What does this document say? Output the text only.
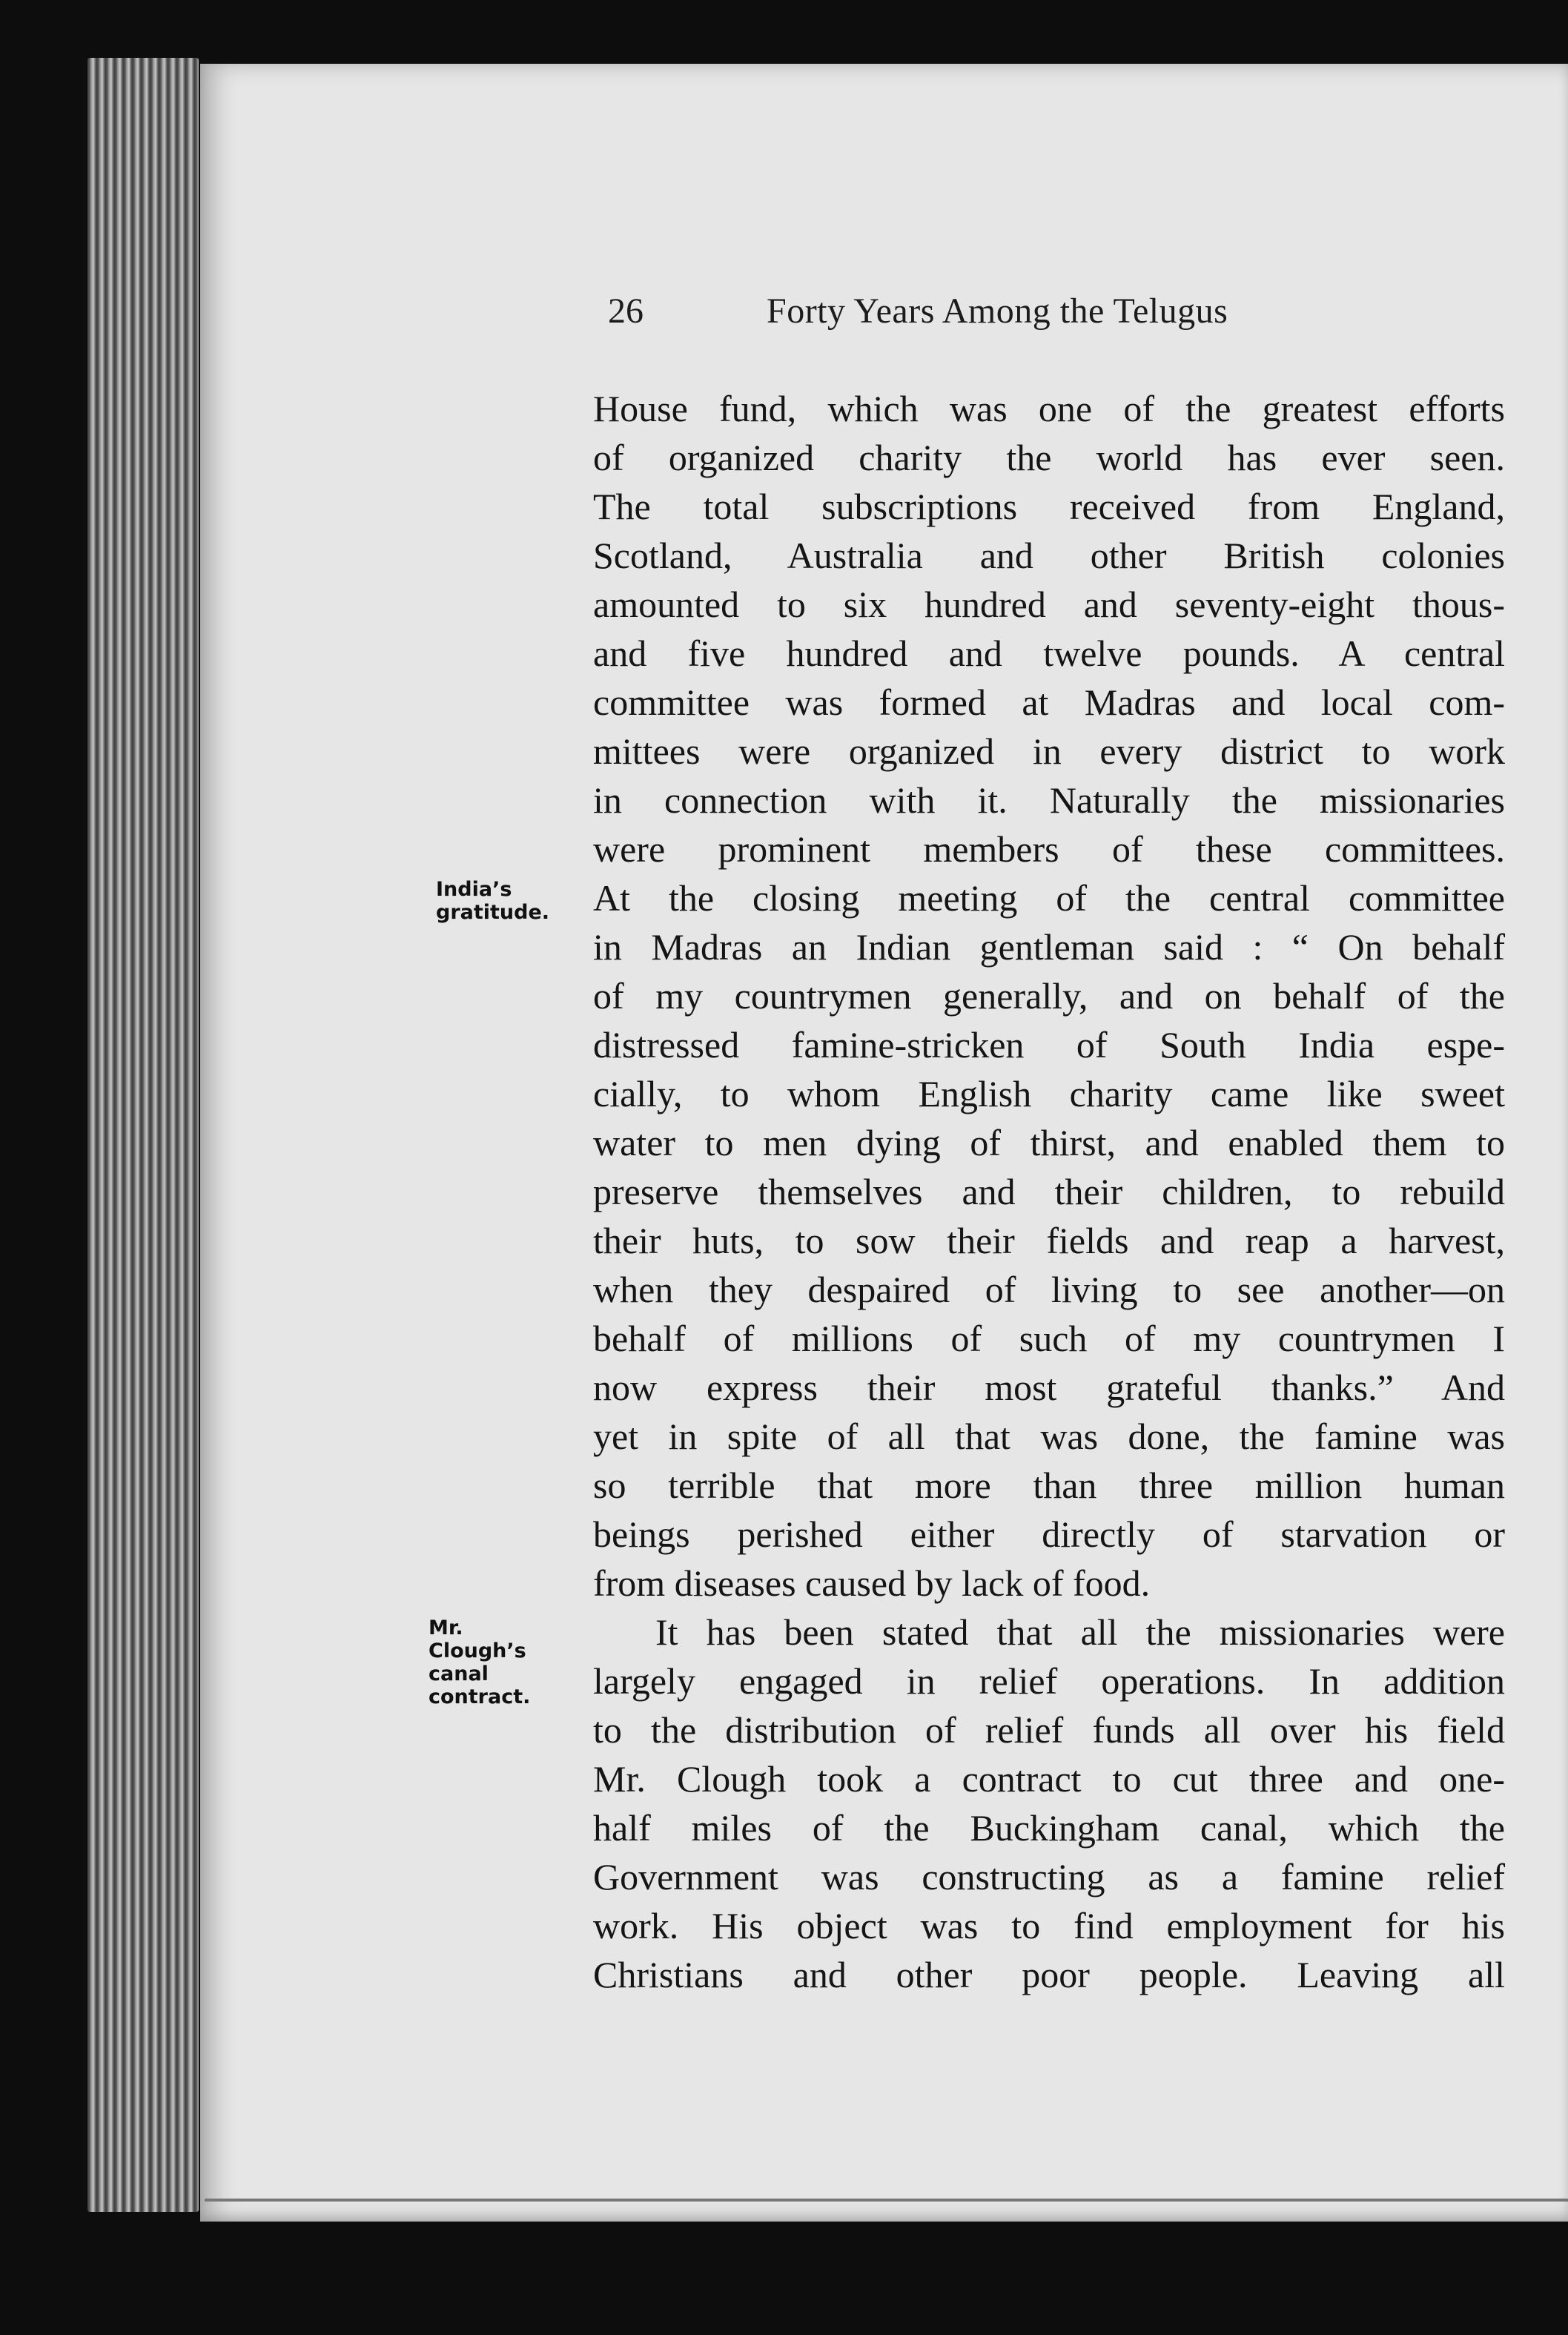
26	Forty Years Among the Telugus
India’s
gratitude.
Mr.
Clough’s
canal
contract.
House fund, which was one of the greatest efforts
of organized charity the world has ever seen.
The total subscriptions received from England,
Scotland, Australia and other British colonies
amounted to six hundred and seventy-eight thous-
and five hundred and twelve pounds. A central
committee was formed at Madras and local com-
mittees were organized in every district to work
in connection with it. Naturally the missionaries
were prominent members of these committees.
At the closing meeting of the central committee
in Madras an Indian gentleman said : “ On behalf
of my countrymen generally, and on behalf of the
distressed famine-stricken of South India espe-
cially, to whom English charity came like sweet
water to men dying of thirst, and enabled them to
preserve themselves and their children, to rebuild
their huts, to sow their fields and reap a harvest,
when they despaired of living to see another—on
behalf of millions of such of my countrymen I
now express their most grateful thanks.” And
yet in spite of all that was done, the famine was
so terrible that more than three million human
beings perished either directly of starvation or
from diseases caused by lack of food.
It has been stated that all the missionaries were
largely engaged in relief operations. In addition
to the distribution of relief funds all over his field
Mr. Clough took a contract to cut three and one-
half miles of the Buckingham canal, which the
Government was constructing as a famine relief
work. His object was to find employment for his
Christians and other poor people. Leaving all
